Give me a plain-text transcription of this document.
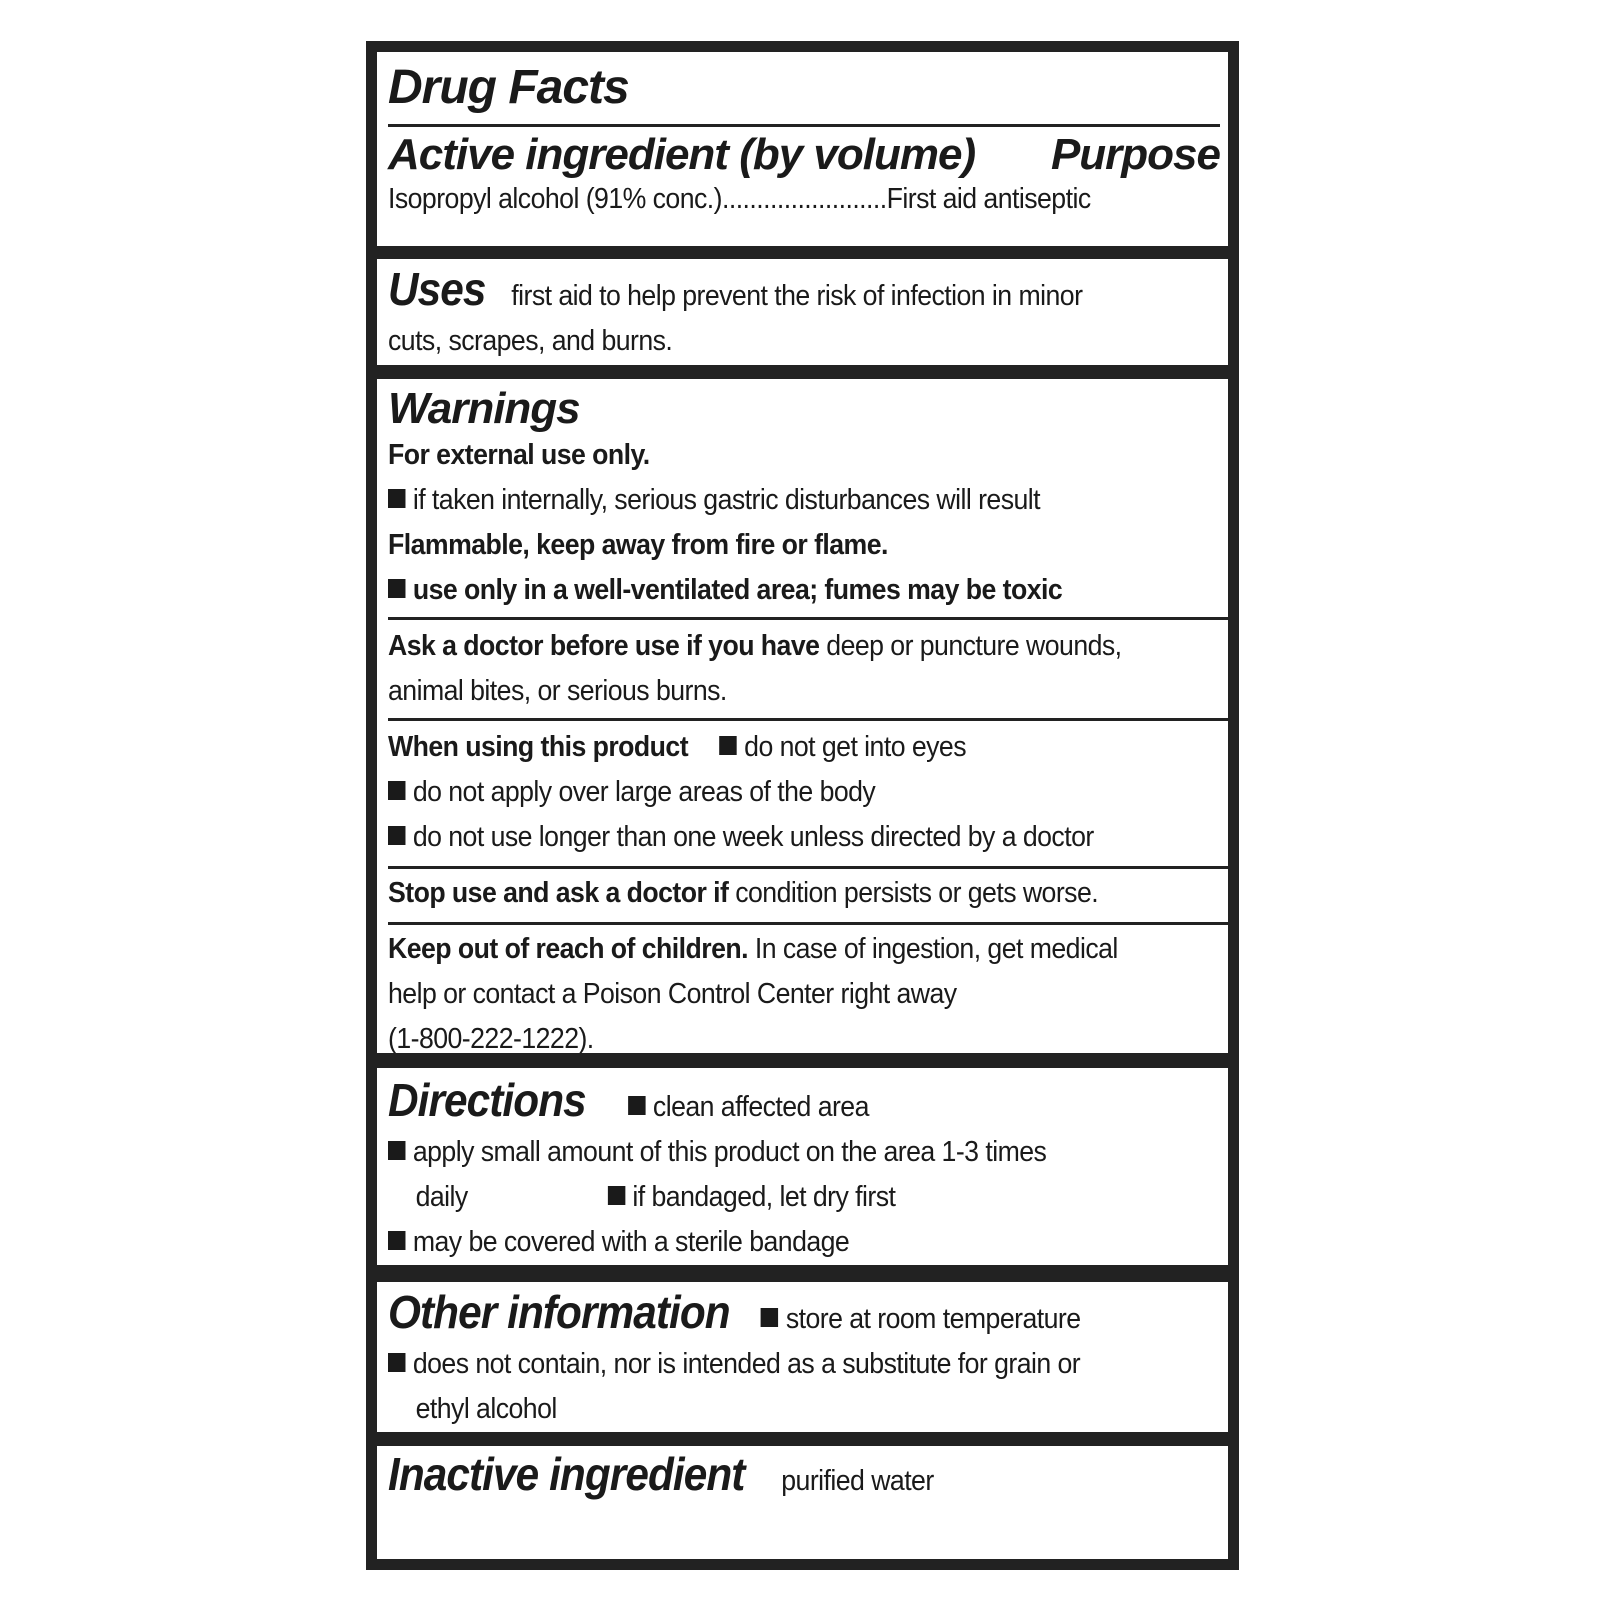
Drug Facts
Active ingredient (by volume) Purpose
Isopropyl alcohol (91% conc.)........................First aid antiseptic
Uses first aid to help prevent the risk of infection in minor
cuts, scrapes, and burns.
Warnings
For external use only.
if taken internally, serious gastric disturbances will result
Flammable, keep away from fire or flame.
use only in a well-ventilated area; fumes may be toxic
Ask a doctor before use if you have deep or puncture wounds,
animal bites, or serious burns.
When using this product do not get into eyes
do not apply over large areas of the body
do not use longer than one week unless directed by a doctor
Stop use and ask a doctor if condition persists or gets worse.
Keep out of reach of children. In case of ingestion, get medical
help or contact a Poison Control Center right away
(1-800-222-1222).
Directions clean affected area
apply small amount of this product on the area 1-3 times
daily	if bandaged, let dry first
may be covered with a sterile bandage
Other information store at room temperature
does not contain, nor is intended as a substitute for grain or
ethyl alcohol
Inactive ingredient purified water
